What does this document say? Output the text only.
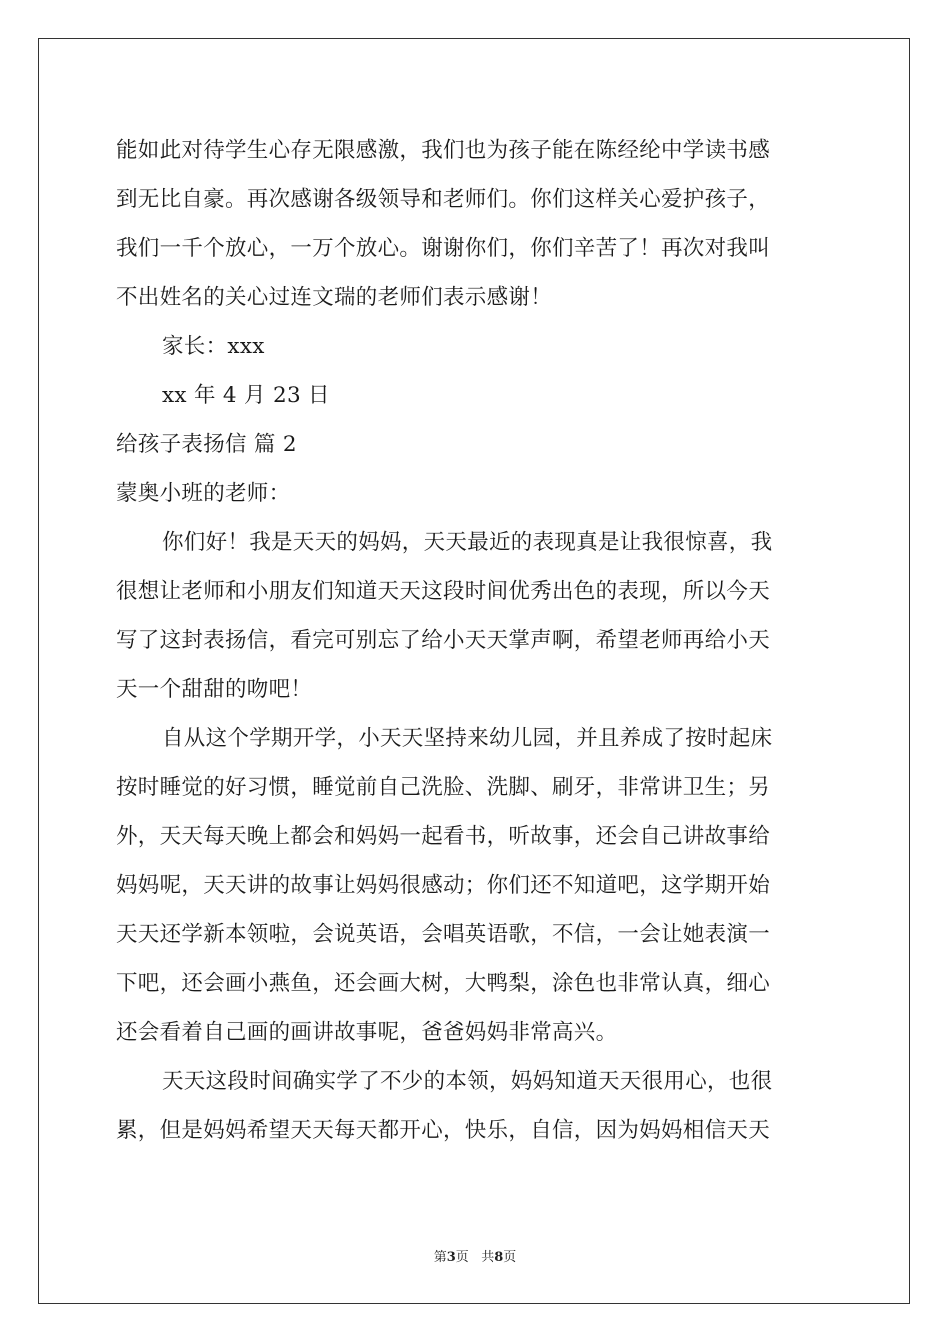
能如此对待学生心存无限感激，我们也为孩子能在陈经纶中学读书感
到无比自豪。再次感谢各级领导和老师们。你们这样关心爱护孩子，
我们一千个放心，一万个放心。谢谢你们，你们辛苦了！再次对我叫
不出姓名的关心过连文瑞的老师们表示感谢！
家长：xxx
xx 年 4 月 23 日
给孩子表扬信 篇 2
蒙奥小班的老师：
你们好！我是天天的妈妈，天天最近的表现真是让我很惊喜，我
很想让老师和小朋友们知道天天这段时间优秀出色的表现，所以今天
写了这封表扬信，看完可别忘了给小天天掌声啊，希望老师再给小天
天一个甜甜的吻吧！
自从这个学期开学，小天天坚持来幼儿园，并且养成了按时起床
按时睡觉的好习惯，睡觉前自己洗脸、洗脚、刷牙，非常讲卫生；另
外，天天每天晚上都会和妈妈一起看书，听故事，还会自己讲故事给
妈妈呢，天天讲的故事让妈妈很感动；你们还不知道吧，这学期开始
天天还学新本领啦，会说英语，会唱英语歌，不信，一会让她表演一
下吧，还会画小燕鱼，还会画大树，大鸭梨，涂色也非常认真，细心
还会看着自己画的画讲故事呢，爸爸妈妈非常高兴。
天天这段时间确实学了不少的本领，妈妈知道天天很用心，也很
累，但是妈妈希望天天每天都开心，快乐，自信，因为妈妈相信天天
第3页   共8页
